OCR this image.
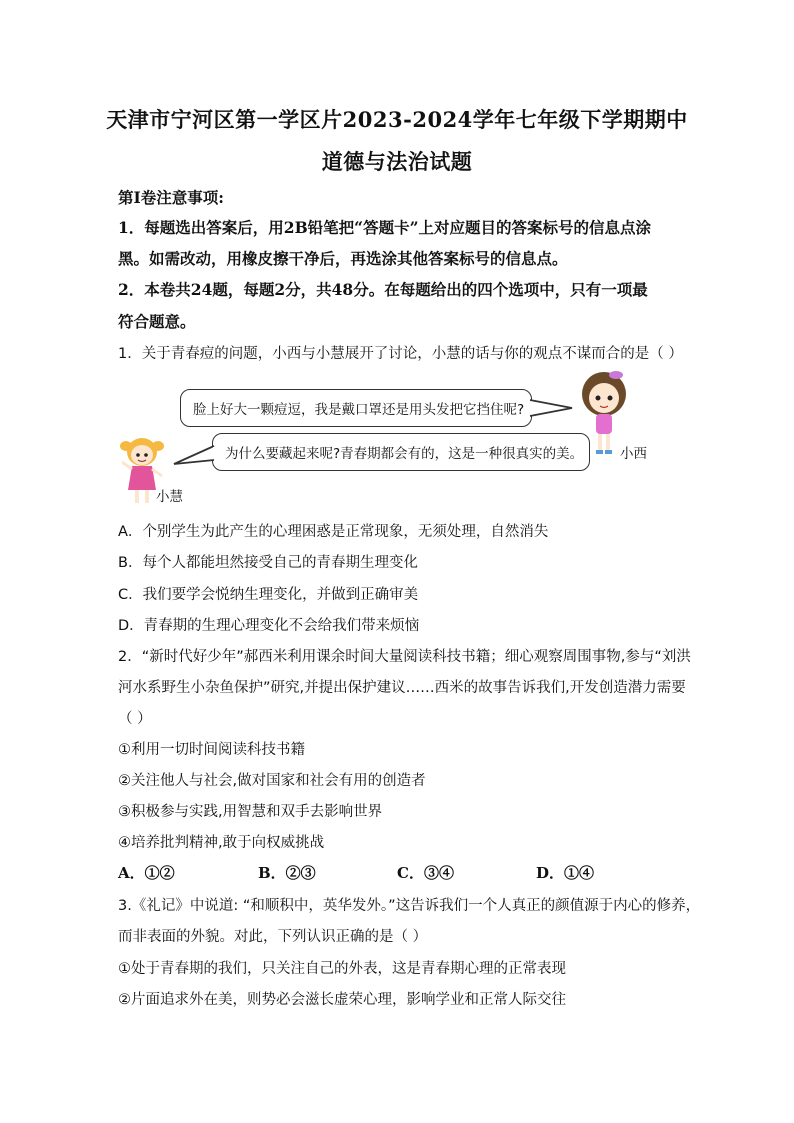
天津市宁河区第一学区片2023-2024学年七年级下学期期中
道德与法治试题
第I卷注意事项:
1．每题选出答案后，用2B铅笔把“答题卡”上对应题目的答案标号的信息点涂
黑。如需改动，用橡皮擦干净后，再选涂其他答案标号的信息点。
2．本卷共24题，每题2分，共48分。在每题给出的四个选项中，只有一项最
符合题意。
1．关于青春痘的问题，小西与小慧展开了讨论，小慧的话与你的观点不谋而合的是（ ）
脸上好大一颗痘逗，我是戴口罩还是用头发把它挡住呢?
小西
为什么要藏起来呢?青春期都会有的，这是一种很真实的美。
小慧
A．个别学生为此产生的心理困惑是正常现象，无须处理，自然消失
B．每个人都能坦然接受自己的青春期生理变化
C．我们要学会悦纳生理变化，并做到正确审美
D．青春期的生理心理变化不会给我们带来烦恼
2．“新时代好少年”郝西米利用课余时间大量阅读科技书籍；细心观察周围事物,参与“刘洪
河水系野生小杂鱼保护”研究,并提出保护建议……西米的故事告诉我们,开发创造潜力需要
（ ）
①利用一切时间阅读科技书籍
②关注他人与社会,做对国家和社会有用的创造者
③积极参与实践,用智慧和双手去影响世界
④培养批判精神,敢于向权威挑战
A．①②	B．②③	C．③④	D．①④
3.《礼记》中说道: “和顺积中，英华发外。”这告诉我们一个人真正的颜值源于内心的修养，
而非表面的外貌。对此，下列认识正确的是（ ）
①处于青春期的我们，只关注自己的外表，这是青春期心理的正常表现
②片面追求外在美，则势必会滋长虚荣心理，影响学业和正常人际交往
